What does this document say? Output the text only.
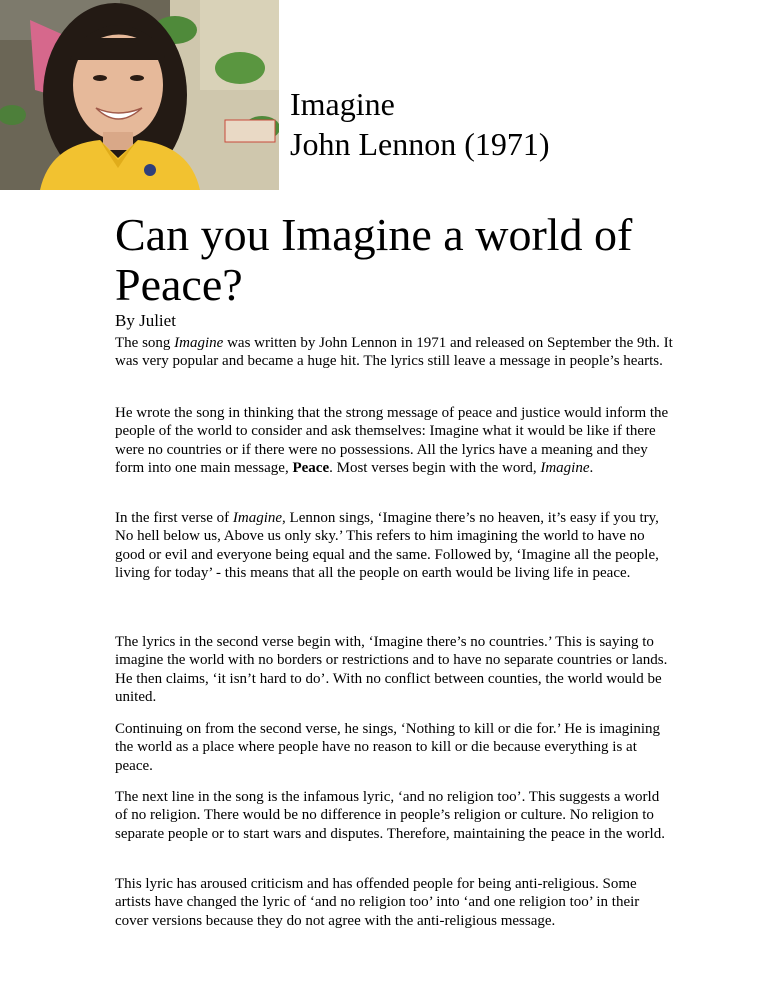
Imagine
John Lennon (1971)
Can you Imagine a world of Peace?
By Juliet

The song Imagine was written by John Lennon in 1971 and released on September the 9th. It was very popular and became a huge hit. The lyrics still leave a message in people’s hearts.

He wrote the song in thinking that the strong message of peace and justice would inform the people of the world to consider and ask themselves: Imagine what it would be like if there were no countries or if there were no possessions. All the lyrics have a meaning and they form into one main message, Peace. Most verses begin with the word, Imagine.

In the first verse of Imagine, Lennon sings, ‘Imagine there’s no heaven, it’s easy if you try, No hell below us, Above us only sky.’ This refers to him imagining the world to have no good or evil and everyone being equal and the same. Followed by, ‘Imagine all the people, living for today’ - this means that all the people on earth would be living life in peace.

The lyrics in the second verse begin with, ‘Imagine there’s no countries.’ This is saying to imagine the world with no borders or restrictions and to have no separate countries or lands. He then claims, ‘it isn’t hard to do’. With no conflict between counties, the world would be united.

Continuing on from the second verse, he sings, ‘Nothing to kill or die for.’ He is imagining the world as a place where people have no reason to kill or die because everything is at peace.

The next line in the song is the infamous lyric, ‘and no religion too’. This suggests a world of no religion. There would be no difference in people’s religion or culture. No religion to separate people or to start wars and disputes. Therefore, maintaining the peace in the world.

This lyric has aroused criticism and has offended people for being anti-religious. Some artists have changed the lyric of ‘and no religion too’ into ‘and one religion too’ in their cover versions because they do not agree with the anti-religious message.
